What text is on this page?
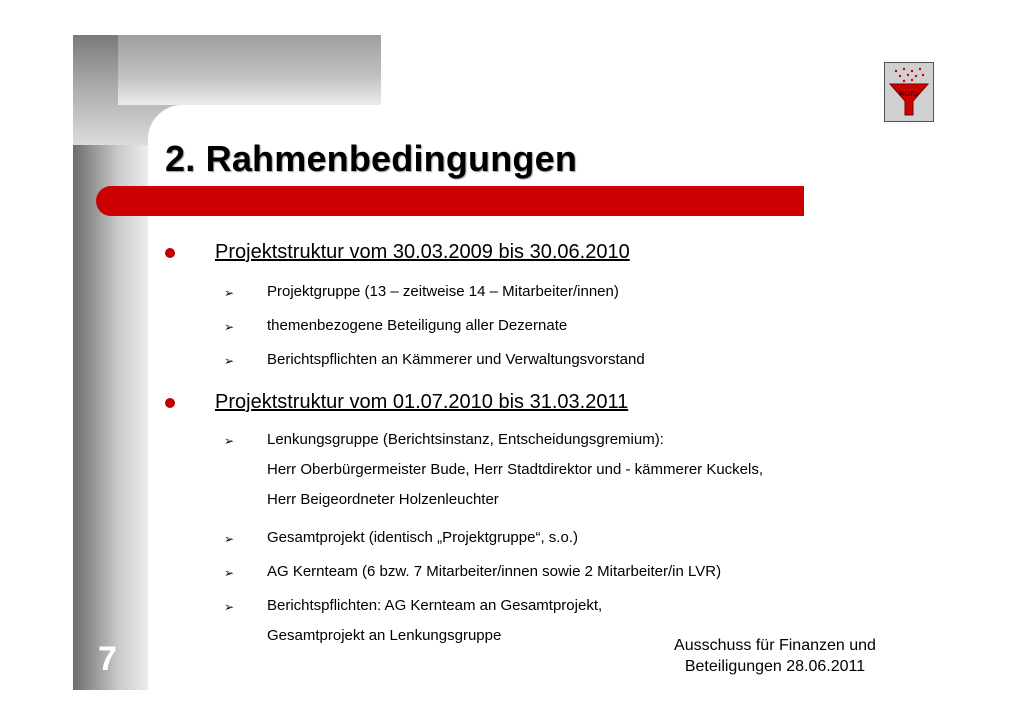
2. Rahmenbedingungen
ROTS
Projektstruktur vom 30.03.2009 bis 30.06.2010
➢ Projektgruppe (13 – zeitweise 14 – Mitarbeiter/innen)
➢ themenbezogene Beteiligung aller Dezernate
➢ Berichtspflichten an Kämmerer und Verwaltungsvorstand
Projektstruktur vom 01.07.2010 bis 31.03.2011
➢ Lenkungsgruppe (Berichtsinstanz, Entscheidungsgremium):
Herr Oberbürgermeister Bude, Herr Stadtdirektor und - kämmerer Kuckels,
Herr Beigeordneter Holzenleuchter
➢ Gesamtprojekt (identisch „Projektgruppe“, s.o.)
➢ AG Kernteam (6 bzw. 7 Mitarbeiter/innen sowie 2 Mitarbeiter/in LVR)
➢ Berichtspflichten: AG Kernteam an Gesamtprojekt,
Gesamtprojekt an Lenkungsgruppe
7	Ausschuss für Finanzen und
Beteiligungen 28.06.2011
